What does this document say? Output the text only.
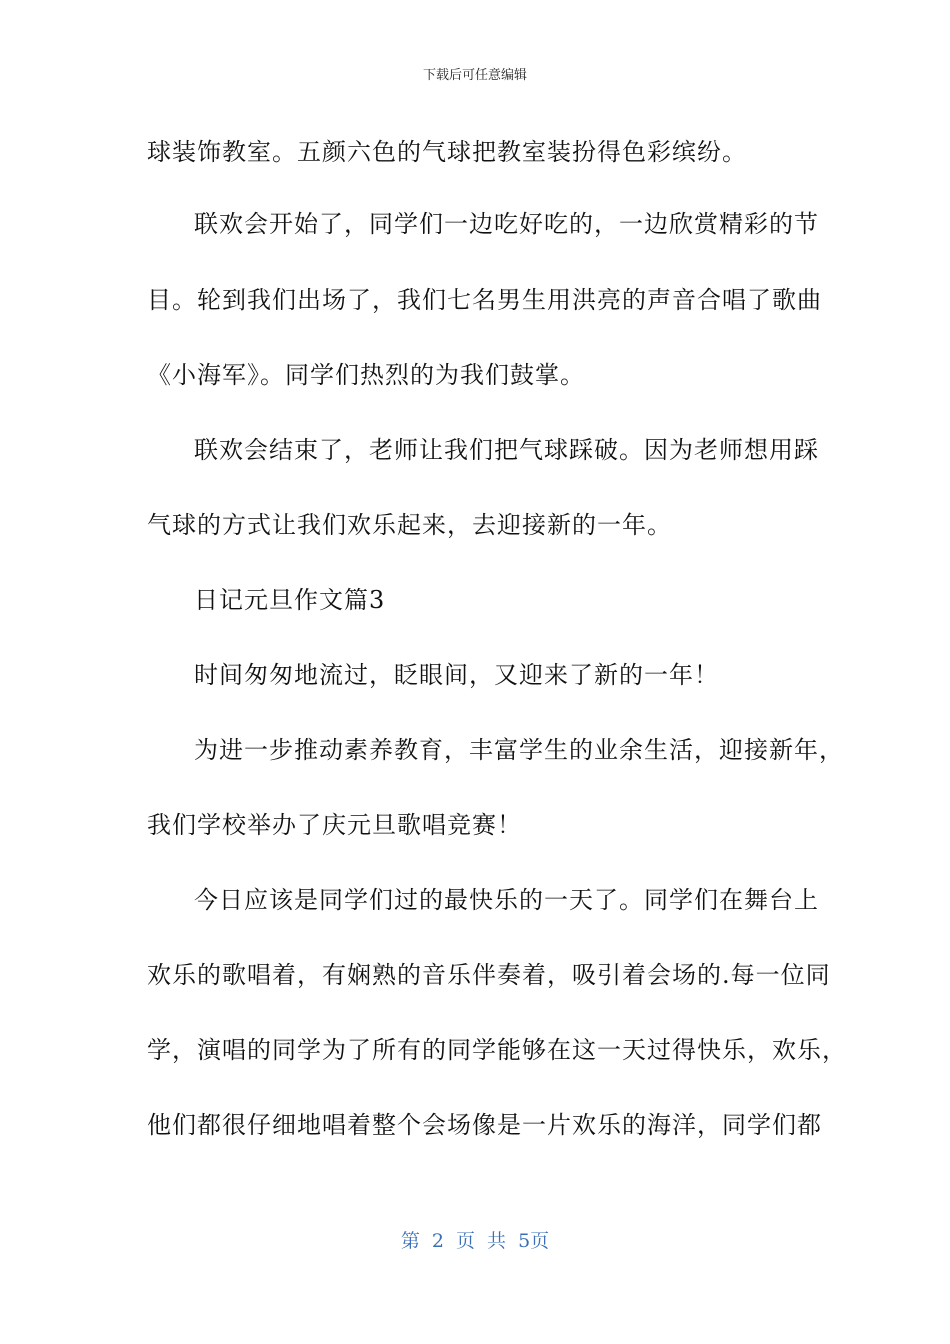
下载后可任意编辑
球装饰教室。五颜六色的气球把教室装扮得色彩缤纷。
联欢会开始了，同学们一边吃好吃的，一边欣赏精彩的节
目。轮到我们出场了，我们七名男生用洪亮的声音合唱了歌曲
《小海军》。同学们热烈的为我们鼓掌。
联欢会结束了，老师让我们把气球踩破。因为老师想用踩
气球的方式让我们欢乐起来，去迎接新的一年。
日记元旦作文篇3
时间匆匆地流过，眨眼间，又迎来了新的一年！
为进一步推动素养教育，丰富学生的业余生活，迎接新年，
我们学校举办了庆元旦歌唱竞赛！
今日应该是同学们过的最快乐的一天了。同学们在舞台上
欢乐的歌唱着，有娴熟的音乐伴奏着，吸引着会场的.每一位同
学，演唱的同学为了所有的同学能够在这一天过得快乐，欢乐，
他们都很仔细地唱着整个会场像是一片欢乐的海洋，同学们都
第 2 页 共 5页
